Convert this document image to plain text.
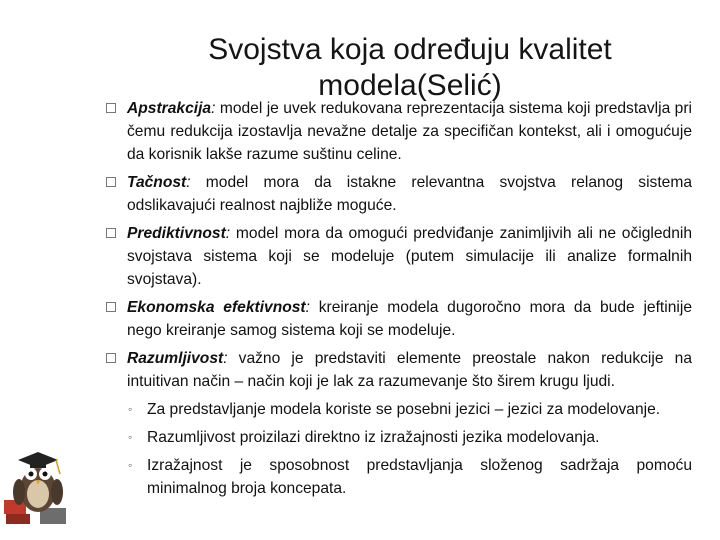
Svojstva koja određuju kvalitet modela(Selić)
Apstrakcija: model je uvek redukovana reprezentacija sistema koji predstavlja pri čemu redukcija izostavlja nevažne detalje za specifičan kontekst, ali i omogućuje da korisnik lakše razume suštinu celine.
Tačnost: model mora da istakne relevantna svojstva relanog sistema odslikavajući realnost najbliže moguće.
Prediktivnost: model mora da omogući predviđanje zanimljivih ali ne očiglednih svojstava sistema koji se modeluje (putem simulacije ili analize formalnih svojstava).
Ekonomska efektivnost: kreiranje modela dugoročno mora da bude jeftinije nego kreiranje samog sistema koji se modeluje.
Razumljivost: važno je predstaviti elemente preostale nakon redukcije na intuitivan način – način koji je lak za razumevanje što širem krugu ljudi.
◦ Za predstavljanje modela koriste se posebni jezici – jezici za modelovanje.
◦ Razumljivost proizilazi direktno iz izražajnosti jezika modelovanja.
◦ Izražajnost je sposobnost predstavljanja složenog sadržaja pomoću minimalnog broja koncepata.
